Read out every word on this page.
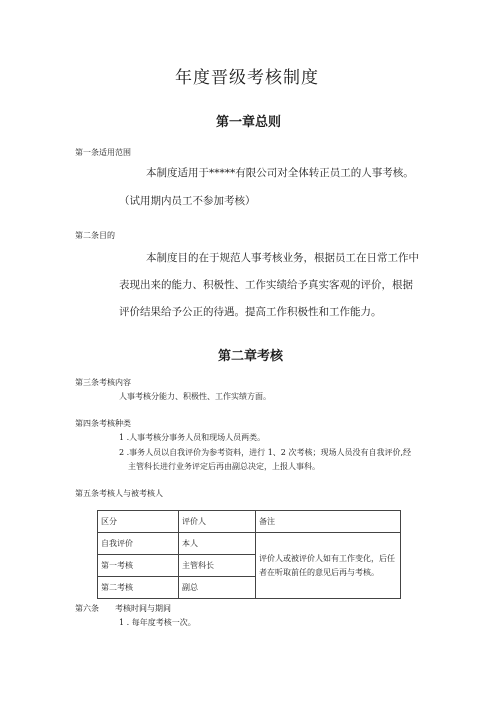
年度晋级考核制度
第一章总则
第一条适用范围
本制度适用于*****有限公司对全体转正员工的人事考核。
（试用期内员工不参加考核）
第二条目的
本制度目的在于规范人事考核业务，根据员工在日常工作中
表现出来的能力、积极性、工作实绩给予真实客观的评价，根据
评价结果给予公正的待遇。提高工作积极性和工作能力。
第二章考核
第三条考核内容
人事考核分能力、积极性、工作实绩方面。
第四条考核种类
1 .人事考核分事务人员和现场人员两类。
2 .事务人员以自我评价为参考资料，进行 1、2 次考核；现场人员没有自我评价,经
主管科长进行业务评定后再由副总决定，上报人事科。
第五条考核人与被考核人
区分	评价人	备注
自我评价	本人	评价人或被评价人如有工作变化，后任者在听取前任的意见后再与考核。
第一考核	主管科长	
第二考核	副总	
第六条 考核时间与期间
1 . 每年度考核一次。
